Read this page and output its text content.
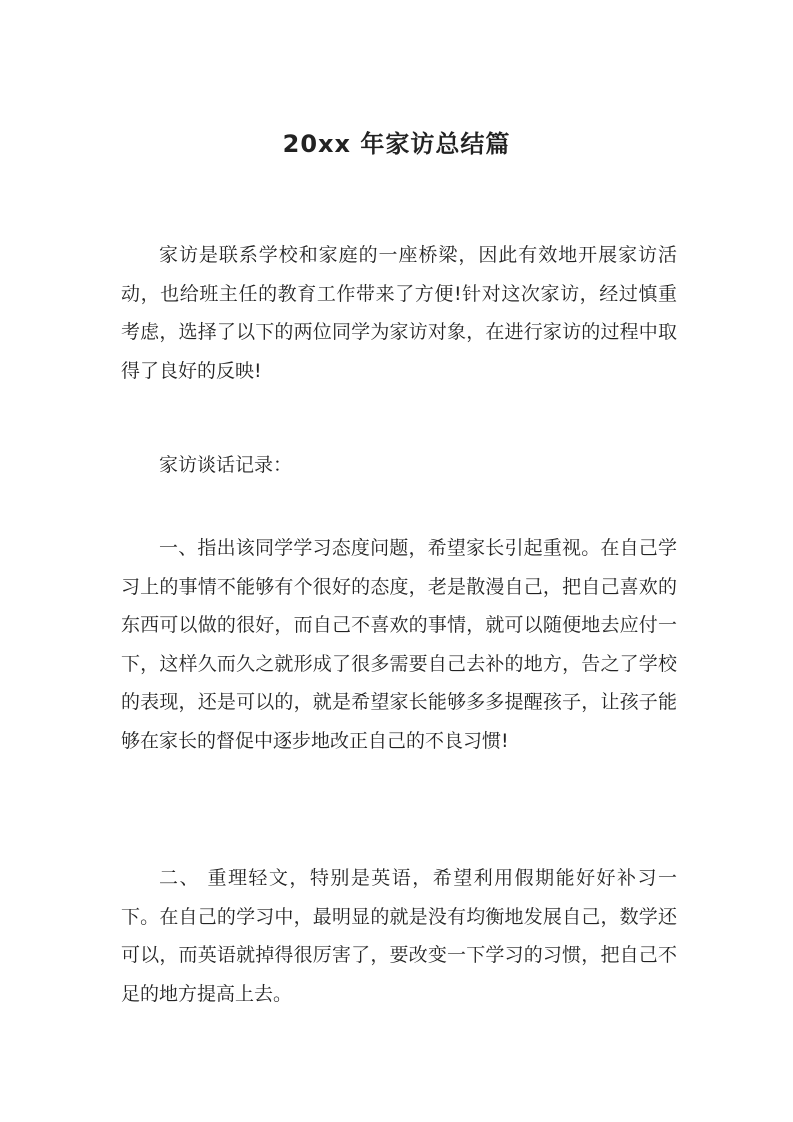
20xx 年家访总结篇

家访是联系学校和家庭的一座桥梁，因此有效地开展家访活动，也给班主任的教育工作带来了方便!针对这次家访，经过慎重考虑，选择了以下的两位同学为家访对象，在进行家访的过程中取得了良好的反映!

家访谈话记录：

一、指出该同学学习态度问题，希望家长引起重视。在自己学习上的事情不能够有个很好的态度，老是散漫自己，把自己喜欢的东西可以做的很好，而自己不喜欢的事情，就可以随便地去应付一下，这样久而久之就形成了很多需要自己去补的地方，告之了学校的表现，还是可以的，就是希望家长能够多多提醒孩子，让孩子能够在家长的督促中逐步地改正自己的不良习惯!

二、 重理轻文，特别是英语，希望利用假期能好好补习一下。在自己的学习中，最明显的就是没有均衡地发展自己，数学还可以，而英语就掉得很厉害了，要改变一下学习的习惯，把自己不足的地方提高上去。
